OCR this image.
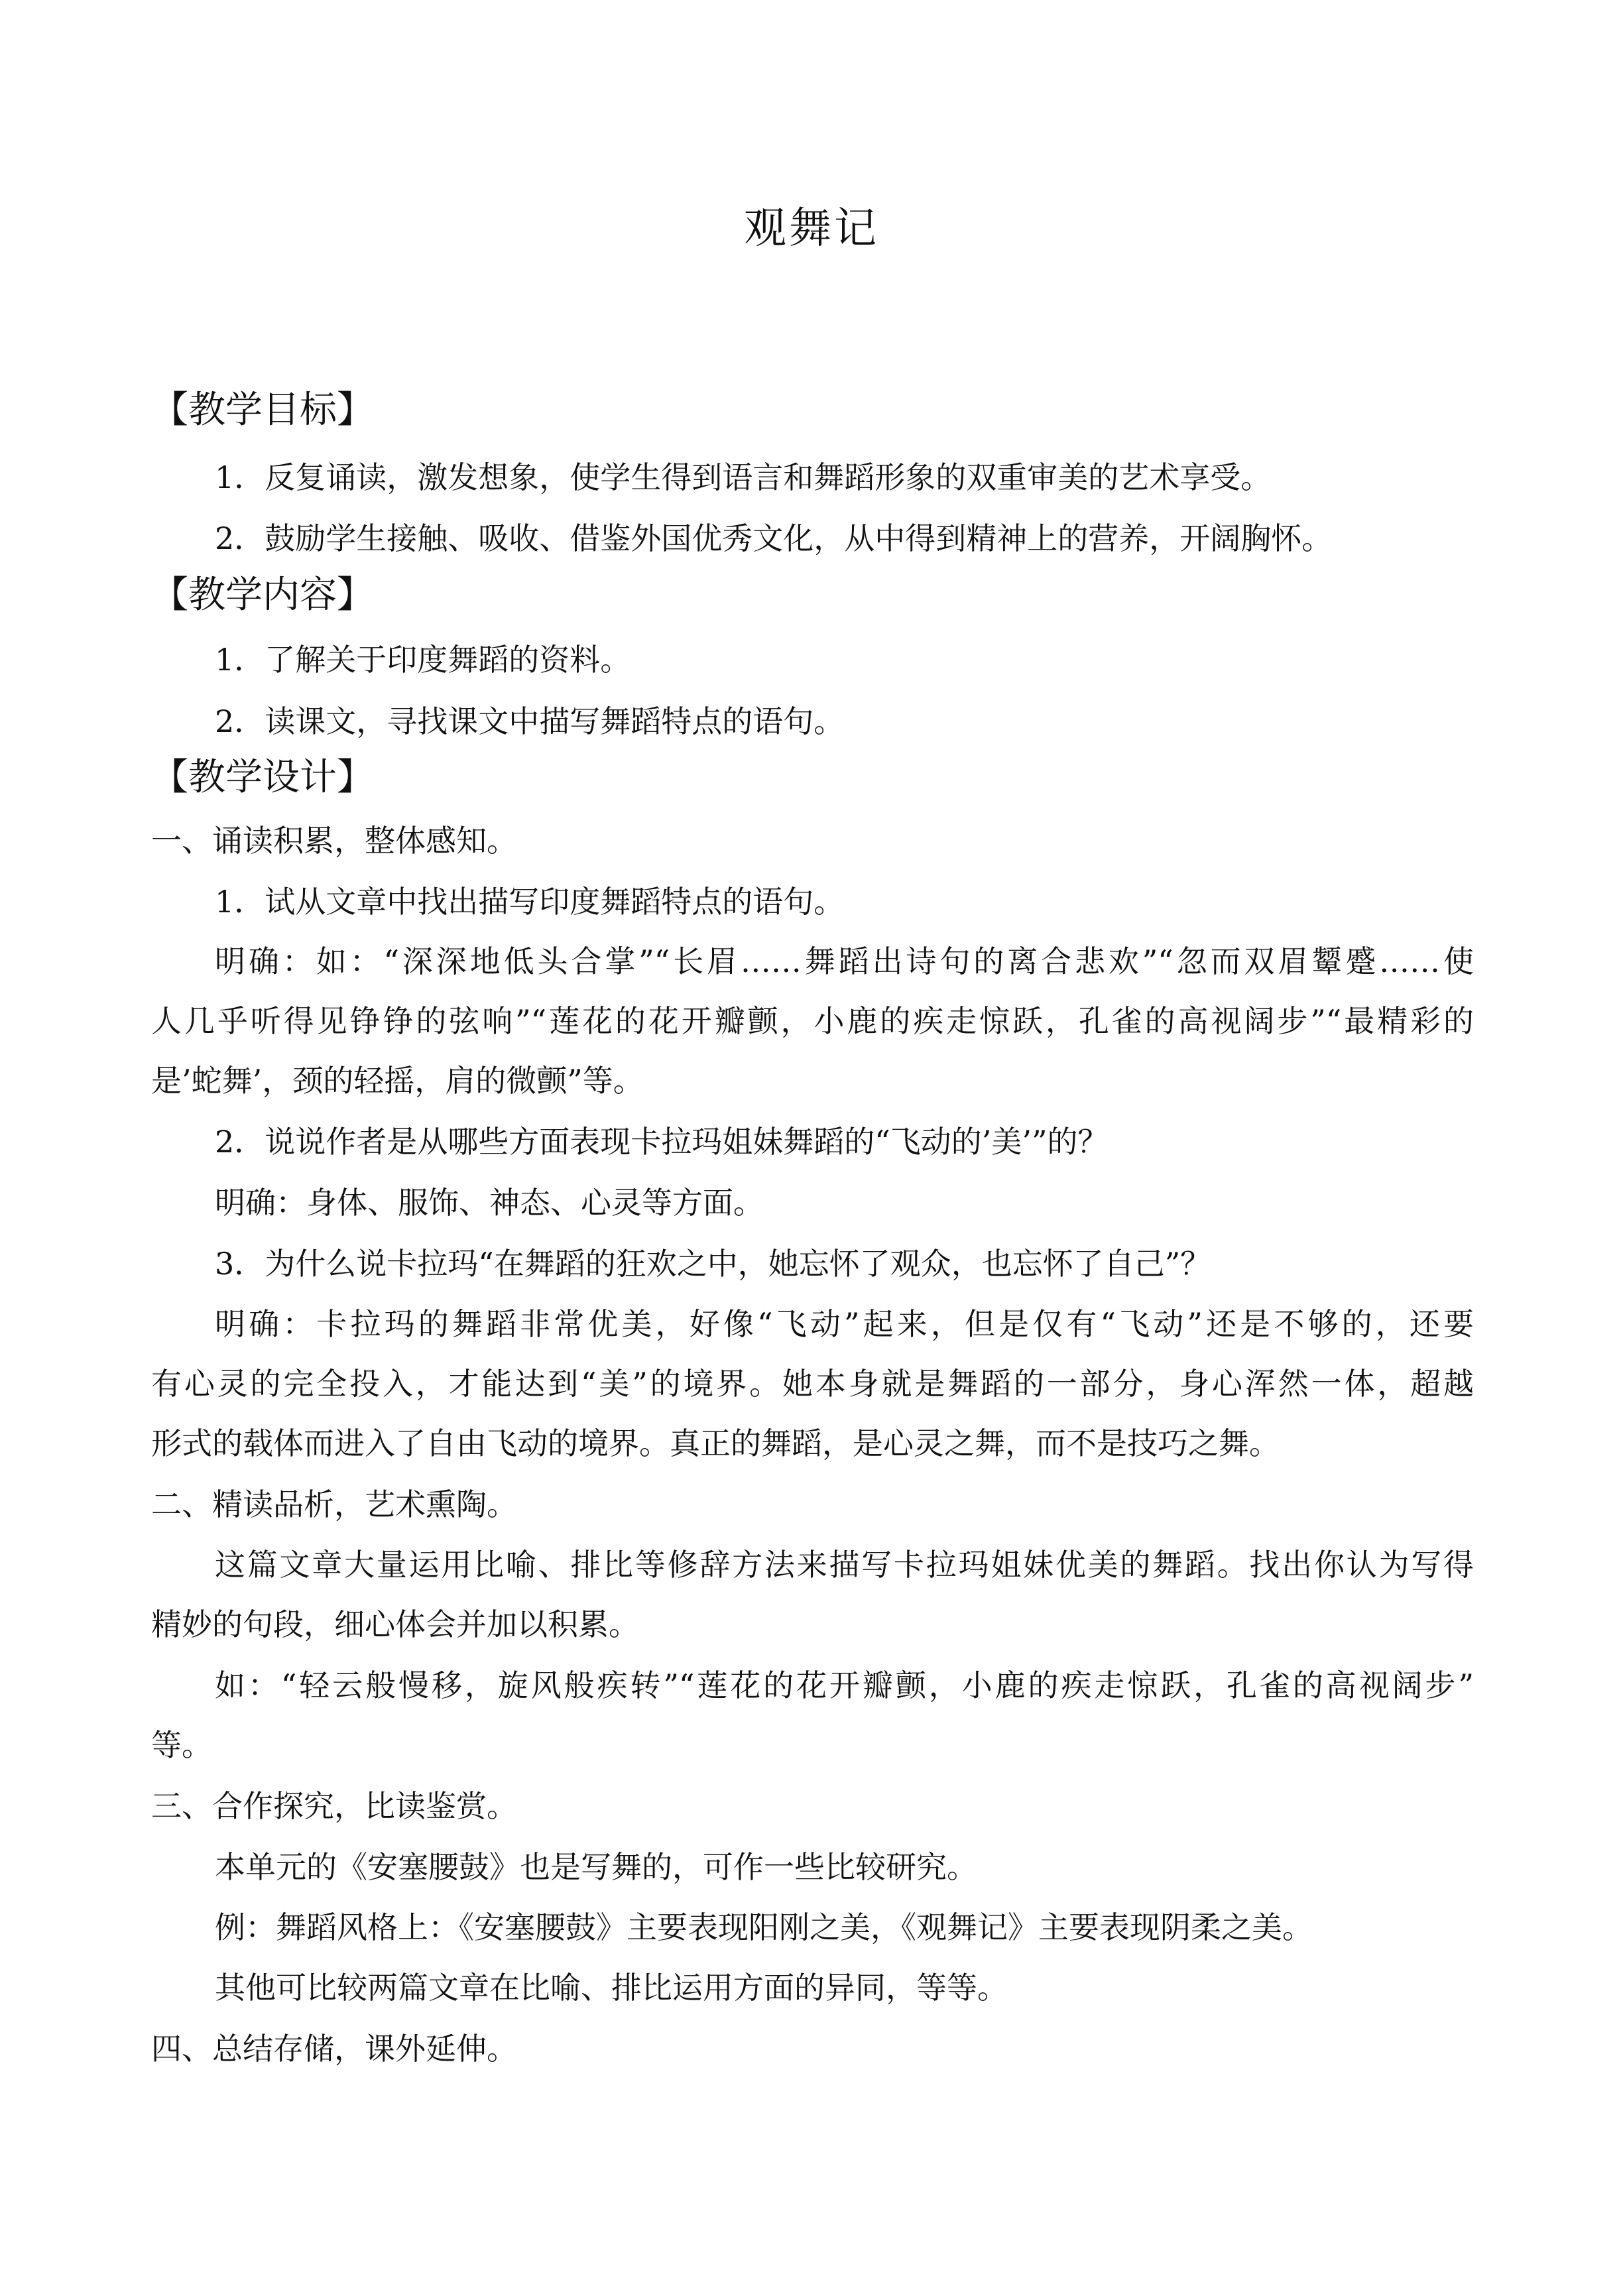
观舞记
【教学目标】
1．反复诵读，激发想象，使学生得到语言和舞蹈形象的双重审美的艺术享受。
2．鼓励学生接触、吸收、借鉴外国优秀文化，从中得到精神上的营养，开阔胸怀。
【教学内容】
1．了解关于印度舞蹈的资料。
2．读课文，寻找课文中描写舞蹈特点的语句。
【教学设计】
一、诵读积累，整体感知。
1．试从文章中找出描写印度舞蹈特点的语句。
明确：如：“深深地低头合掌”“长眉……舞蹈出诗句的离合悲欢”“忽而双眉颦蹙……使
人几乎听得见铮铮的弦响”“莲花的花开瓣颤，小鹿的疾走惊跃，孔雀的高视阔步”“最精彩的
是’蛇舞’，颈的轻摇，肩的微颤”等。
2．说说作者是从哪些方面表现卡拉玛姐妹舞蹈的“飞动的’美’”的？
明确：身体、服饰、神态、心灵等方面。
3．为什么说卡拉玛“在舞蹈的狂欢之中，她忘怀了观众，也忘怀了自己”？
明确：卡拉玛的舞蹈非常优美，好像“飞动”起来，但是仅有“飞动”还是不够的，还要
有心灵的完全投入，才能达到“美”的境界。她本身就是舞蹈的一部分，身心浑然一体，超越
形式的载体而进入了自由飞动的境界。真正的舞蹈，是心灵之舞，而不是技巧之舞。
二、精读品析，艺术熏陶。
这篇文章大量运用比喻、排比等修辞方法来描写卡拉玛姐妹优美的舞蹈。找出你认为写得
精妙的句段，细心体会并加以积累。
如：“轻云般慢移，旋风般疾转”“莲花的花开瓣颤，小鹿的疾走惊跃，孔雀的高视阔步”
等。
三、合作探究，比读鉴赏。
本单元的《安塞腰鼓》也是写舞的，可作一些比较研究。
例：舞蹈风格上：《安塞腰鼓》主要表现阳刚之美，《观舞记》主要表现阴柔之美。
其他可比较两篇文章在比喻、排比运用方面的异同，等等。
四、总结存储，课外延伸。
